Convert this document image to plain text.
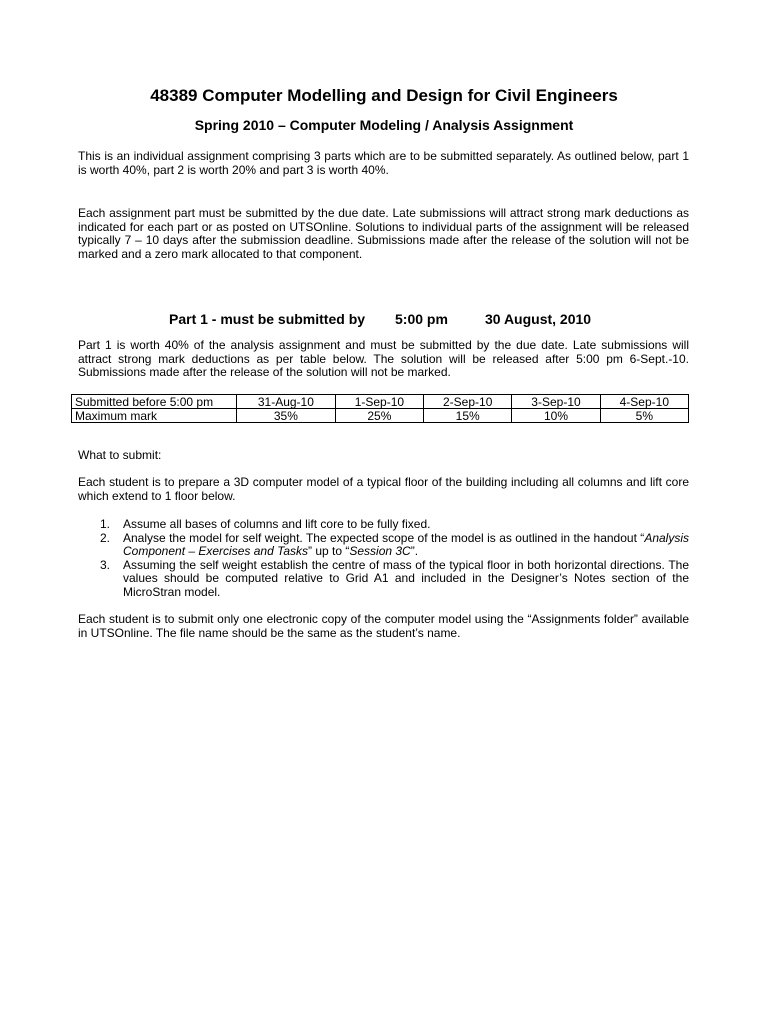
48389 Computer Modelling and Design for Civil Engineers
Spring 2010 – Computer Modeling / Analysis Assignment

This is an individual assignment comprising 3 parts which are to be submitted separately. As outlined below, part 1 is worth 40%, part 2 is worth 20% and part 3 is worth 40%.

Each assignment part must be submitted by the due date. Late submissions will attract strong mark deductions as indicated for each part or as posted on UTSOnline. Solutions to individual parts of the assignment will be released typically 7 – 10 days after the submission deadline. Submissions made after the release of the solution will not be marked and a zero mark allocated to that component.

Part 1 - must be submitted by 5:00 pm	30 August, 2010

Part 1 is worth 40% of the analysis assignment and must be submitted by the due date. Late submissions will attract strong mark deductions as per table below. The solution will be released after 5:00 pm 6-Sept.-10. Submissions made after the release of the solution will not be marked.

Submitted before 5:00 pm	31-Aug-10	1-Sep-10	2-Sep-10	3-Sep-10	4-Sep-10
Maximum mark	35%	25%	15%	10%	5%

What to submit:

Each student is to prepare a 3D computer model of a typical floor of the building including all columns and lift core which extend to 1 floor below.

1. Assume all bases of columns and lift core to be fully fixed.
2. Analyse the model for self weight. The expected scope of the model is as outlined in the handout “Analysis Component – Exercises and Tasks” up to “Session 3C”.
3. Assuming the self weight establish the centre of mass of the typical floor in both horizontal directions. The values should be computed relative to Grid A1 and included in the Designer’s Notes section of the MicroStran model.

Each student is to submit only one electronic copy of the computer model using the “Assignments folder” available in UTSOnline. The file name should be the same as the student’s name.
